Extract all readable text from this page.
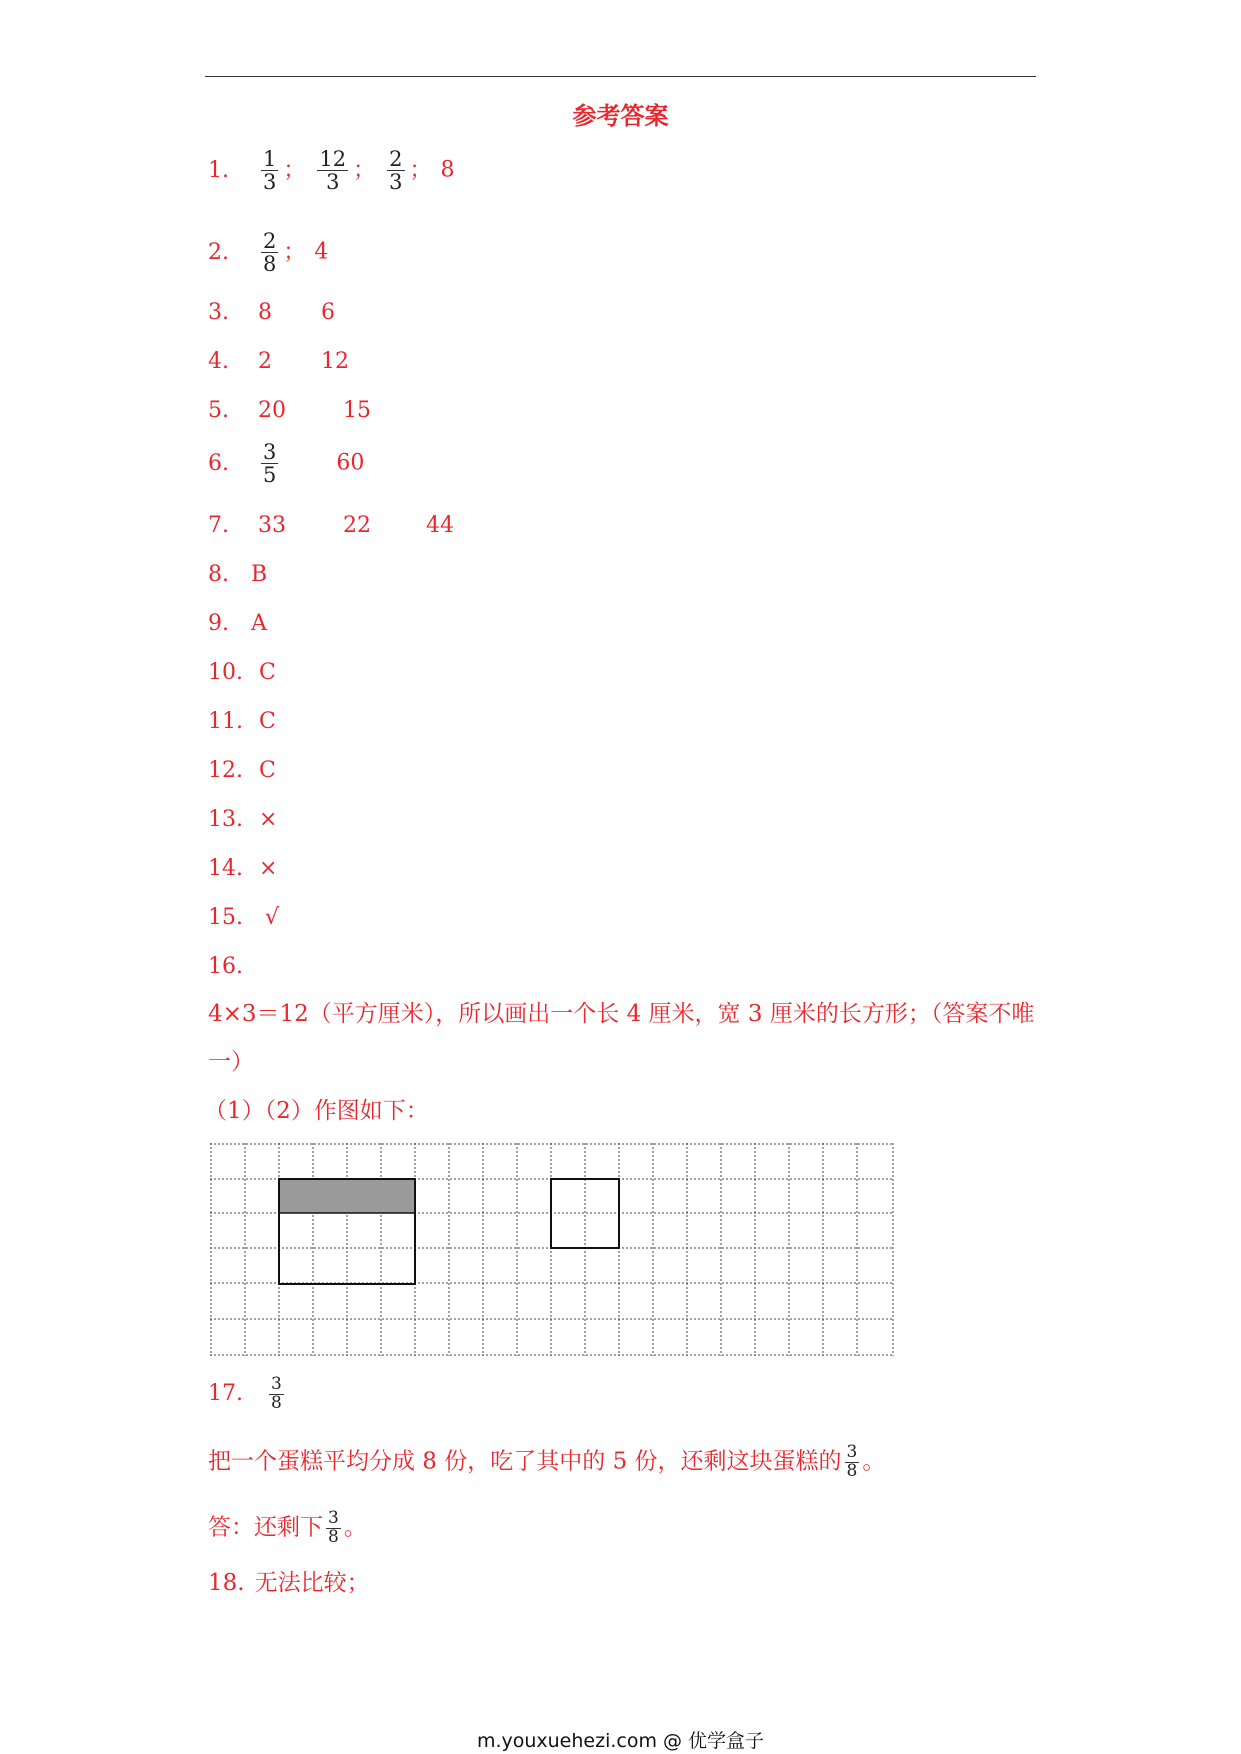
参考答案
1. $\frac{1}{3}$ ； $\frac{12}{3}$ ； $\frac{2}{3}$ ； 8
2. $\frac{2}{8}$ ； 4
3. 8 6
4. 2 12
5. 20	15
6. $\frac{3}{5}$	60
7. 33	22	44
8. B
9. A
10. C
11. C
12. C
13. ×
14. ×
15. √
16.
4×3＝12（平方厘米），所以画出一个长 4 厘米，宽 3 厘米的长方形；（答案不唯一）
（1）（2）作图如下：
17. $\frac{3}{8}$
把一个蛋糕平均分成 8 份，吃了其中的 5 份，还剩这块蛋糕的 $\frac{3}{8}$ 。
答：还剩下 $\frac{3}{8}$ 。
18. 无法比较；
m.youxuehezi.com @ 优学盒子
